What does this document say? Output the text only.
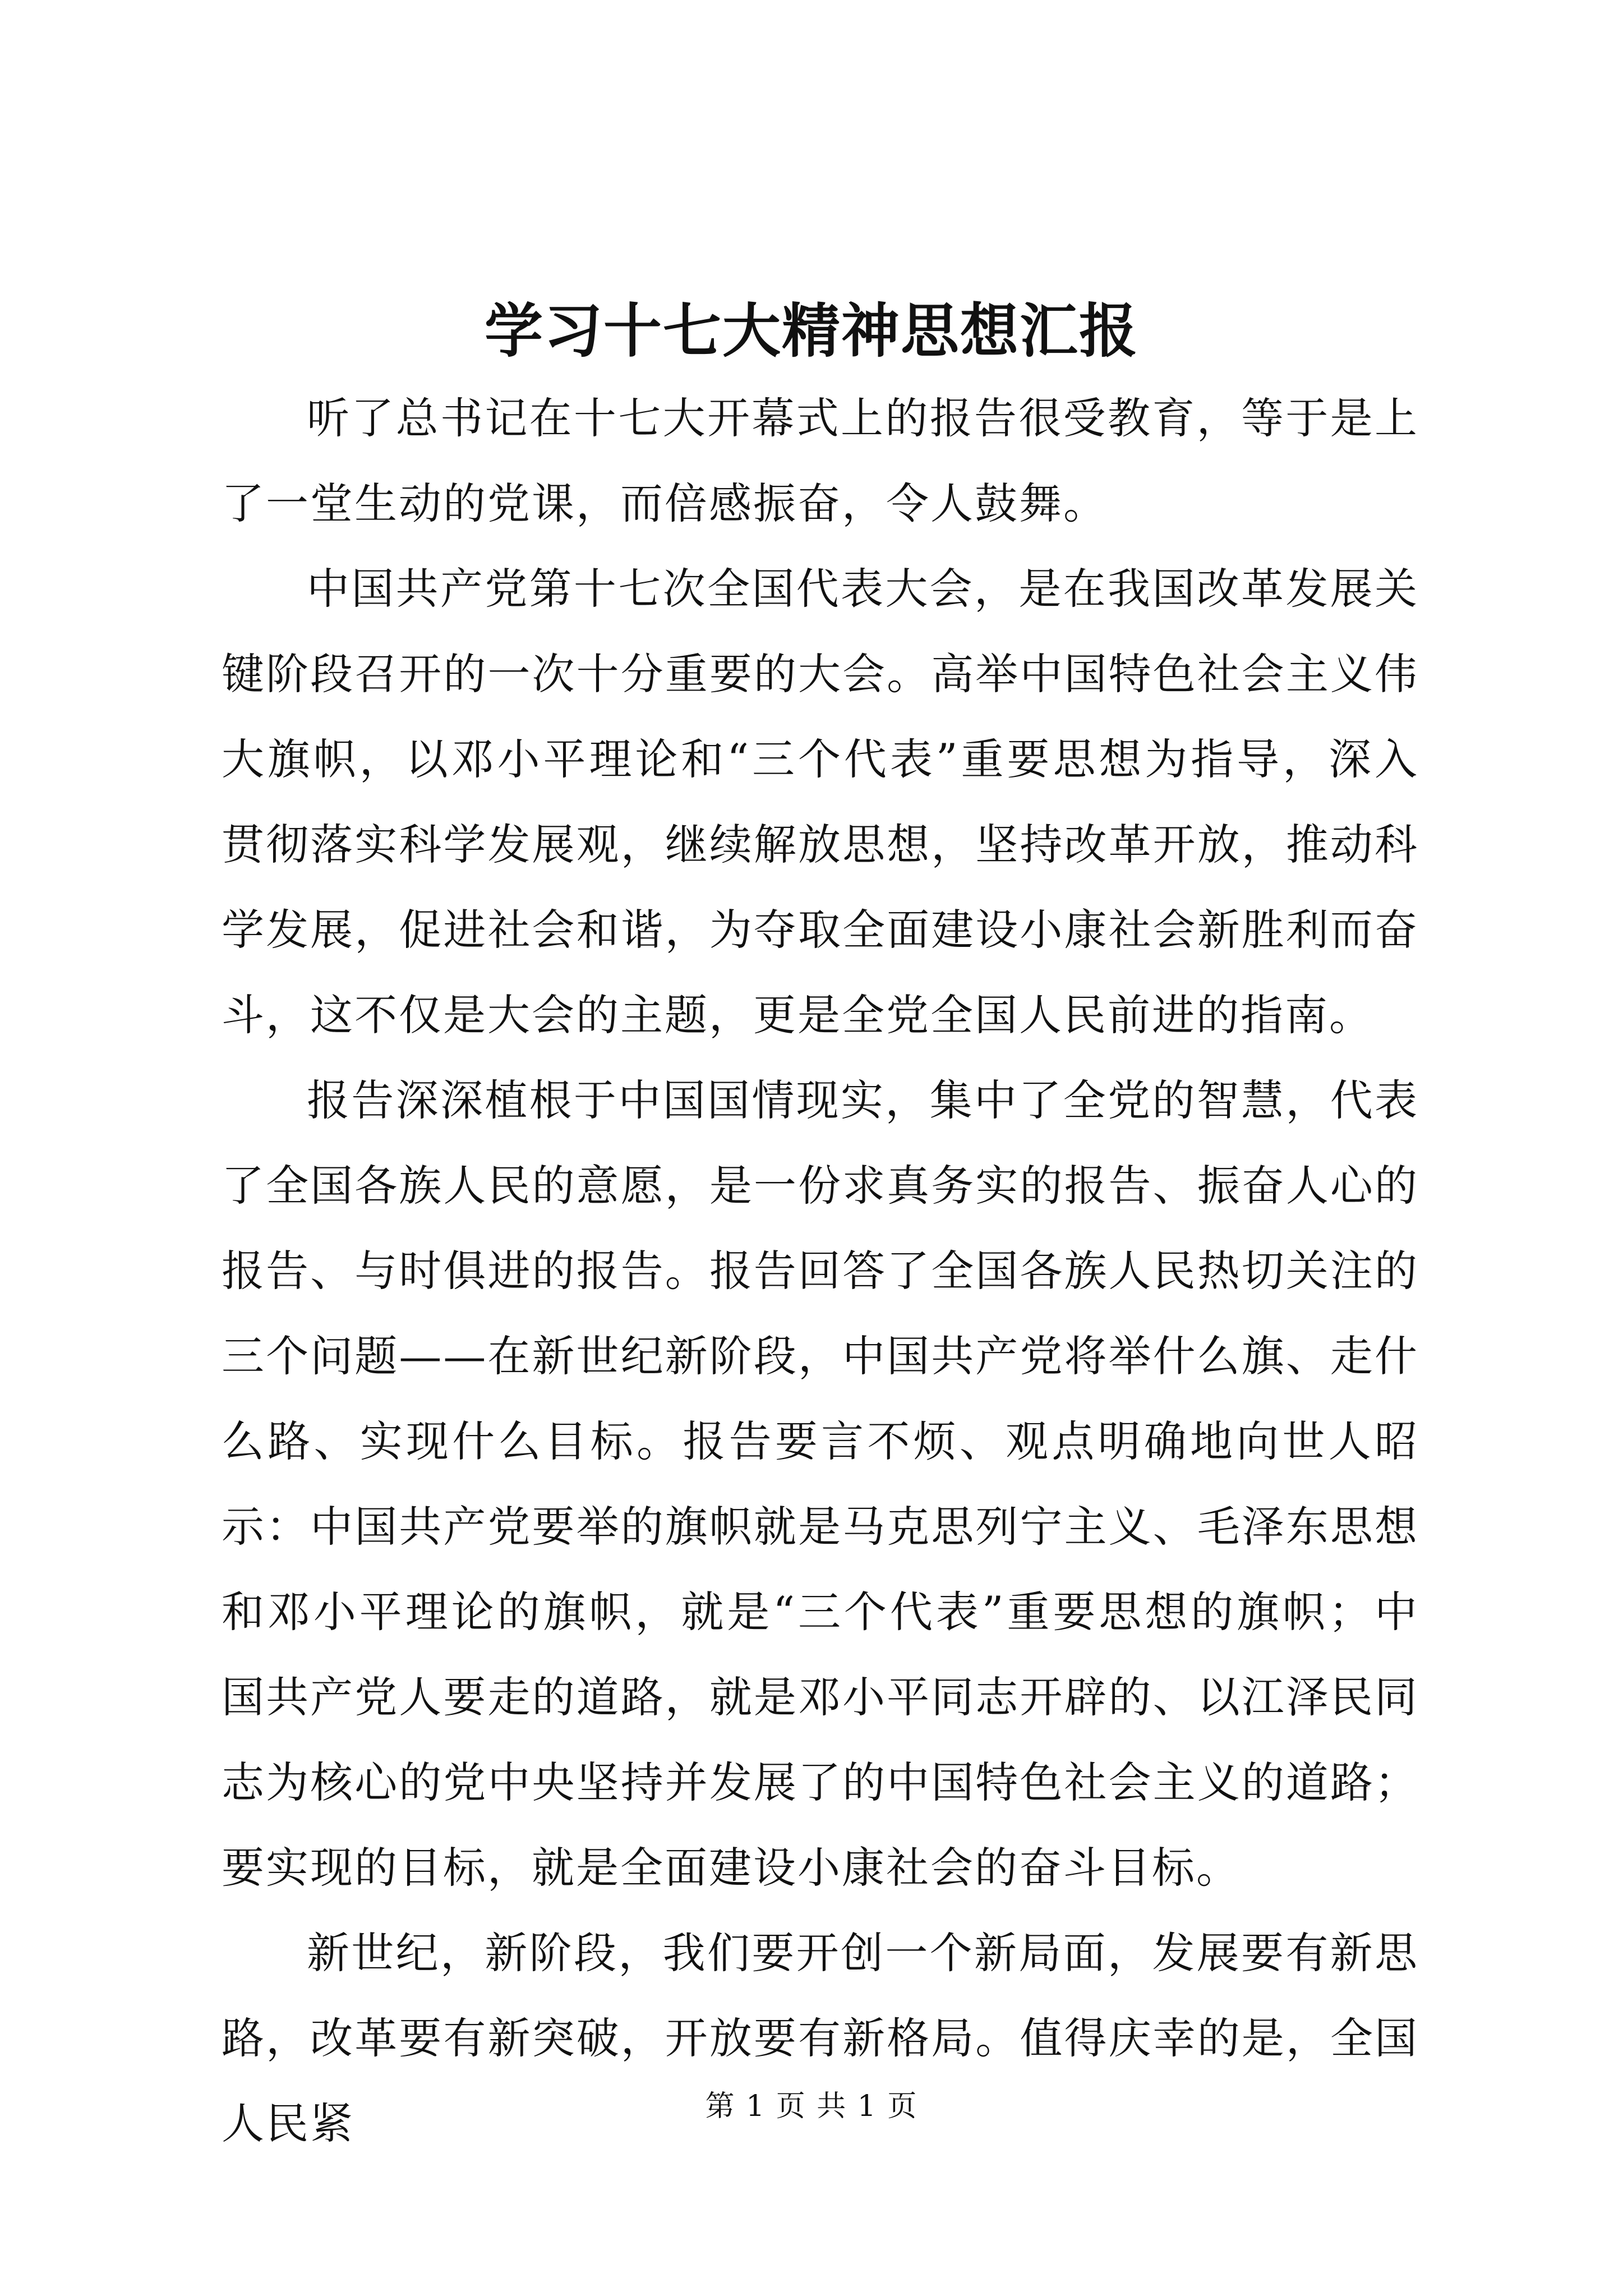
学习十七大精神思想汇报

听了总书记在十七大开幕式上的报告很受教育，等于是上了一堂生动的党课，而倍感振奋，令人鼓舞。

中国共产党第十七次全国代表大会，是在我国改革发展关键阶段召开的一次十分重要的大会。高举中国特色社会主义伟大旗帜，以邓小平理论和“三个代表”重要思想为指导，深入贯彻落实科学发展观，继续解放思想，坚持改革开放，推动科学发展，促进社会和谐，为夺取全面建设小康社会新胜利而奋斗，这不仅是大会的主题，更是全党全国人民前进的指南。

报告深深植根于中国国情现实，集中了全党的智慧，代表了全国各族人民的意愿，是一份求真务实的报告、振奋人心的报告、与时俱进的报告。报告回答了全国各族人民热切关注的三个问题——在新世纪新阶段，中国共产党将举什么旗、走什么路、实现什么目标。报告要言不烦、观点明确地向世人昭示：中国共产党要举的旗帜就是马克思列宁主义、毛泽东思想和邓小平理论的旗帜，就是“三个代表”重要思想的旗帜；中国共产党人要走的道路，就是邓小平同志开辟的、以江泽民同志为核心的党中央坚持并发展了的中国特色社会主义的道路；要实现的目标，就是全面建设小康社会的奋斗目标。

新世纪，新阶段，我们要开创一个新局面，发展要有新思路，改革要有新突破，开放要有新格局。值得庆幸的是，全国人民紧	第 1 页 共 1 页
